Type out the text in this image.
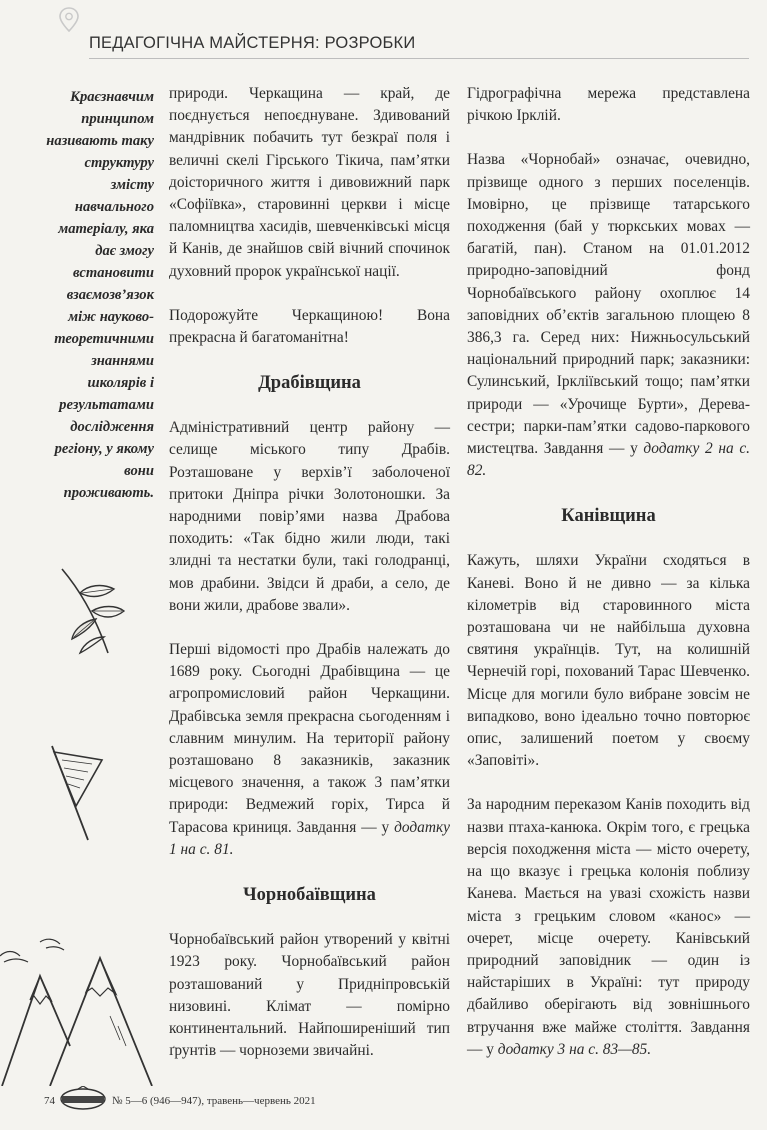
ПЕДАГОГІЧНА МАЙСТЕРНЯ: РОЗРОБКИ
Краєзнавчим принципом називають таку структуру змісту навчального матеріалу, яка дає змогу встановити взаємозв’язок між науково-теоретичними знаннями школярів і результатами дослідження регіону, у якому вони проживають.

природи. Черкащина — край, де поєднується непоєднуване. Здивований мандрівник побачить тут безкраї поля і величні скелі Гірського Тікича, пам’ятки доісторичного життя і дивовижний парк «Софіївка», старовинні церкви і місце паломництва хасидів, шевченківські місця й Канів, де знайшов свій вічний спочинок духовний пророк української нації.

Подорожуйте Черкащиною! Вона прекрасна й багатоманітна!

Драбівщина

Адміністративний центр району — селище міського типу Драбів. Розташоване у верхів’ї заболоченої притоки Дніпра річки Золотоношки. За народними повір’ями назва Драбова походить: «Так бідно жили люди, такі злидні та нестатки були, такі голодранці, мов драбини. Звідси й драби, а село, де вони жили, драбове звали».

Перші відомості про Драбів належать до 1689 року. Сьогодні Драбівщина — це агропромисловий район Черкащини. Драбівська земля прекрасна сьогоденням і славним минулим. На території району розташовано 8 заказників, заказник місцевого значення, а також 3 пам’ятки природи: Ведмежий горіх, Тирса й Тарасова криниця. Завдання — у додатку 1 на с. 81.

Чорнобаївщина

Чорнобаївський район утворений у квітні 1923 року. Чорнобаївський район розташований у Придніпровській низовині. Клімат — помірно континентальний. Найпоширеніший тип ґрунтів — чорноземи звичайні.

Гідрографічна мережа представлена річкою Ірклій.

Назва «Чорнобай» означає, очевидно, прізвище одного з перших поселенців. Імовірно, це прізвище татарського походження (бай у тюркських мовах — багатій, пан). Станом на 01.01.2012 природно-заповідний фонд Чорнобаївського району охоплює 14 заповідних об’єктів загальною площею 8 386,3 га. Серед них: Нижньосульський національний природний парк; заказники: Сулинський, Ірклiївський тощо; пам’ятки природи — «Урочище Бурти», Дерева-сестри; парки-пам’ятки садово-паркового мистецтва. Завдання — у додатку 2 на с. 82.

Канівщина

Кажуть, шляхи України сходяться в Каневі. Воно й не дивно — за кілька кілометрів від старовинного міста розташована чи не найбільша духовна святиня українців. Тут, на колишній Чернечій горі, похований Тарас Шевченко. Місце для могили було вибране зовсім не випадково, воно ідеально точно повторює опис, залишений поетом у своєму «Заповіті».

За народним переказом Канів походить від назви птаха-канюка. Окрім того, є грецька версія походження міста — місто очерету, на що вказує і грецька колонія поблизу Канева. Мається на увазі схожість назви міста з грецьким словом «канос» — очерет, місце очерету. Канівський природний заповідник — один із найстаріших в Україні: тут природу дбайливо оберігають від зовнішнього втручання вже майже століття. Завдання — у додатку 3 на с. 83—85.

74	№ 5—6 (946—947), травень—червень 2021
